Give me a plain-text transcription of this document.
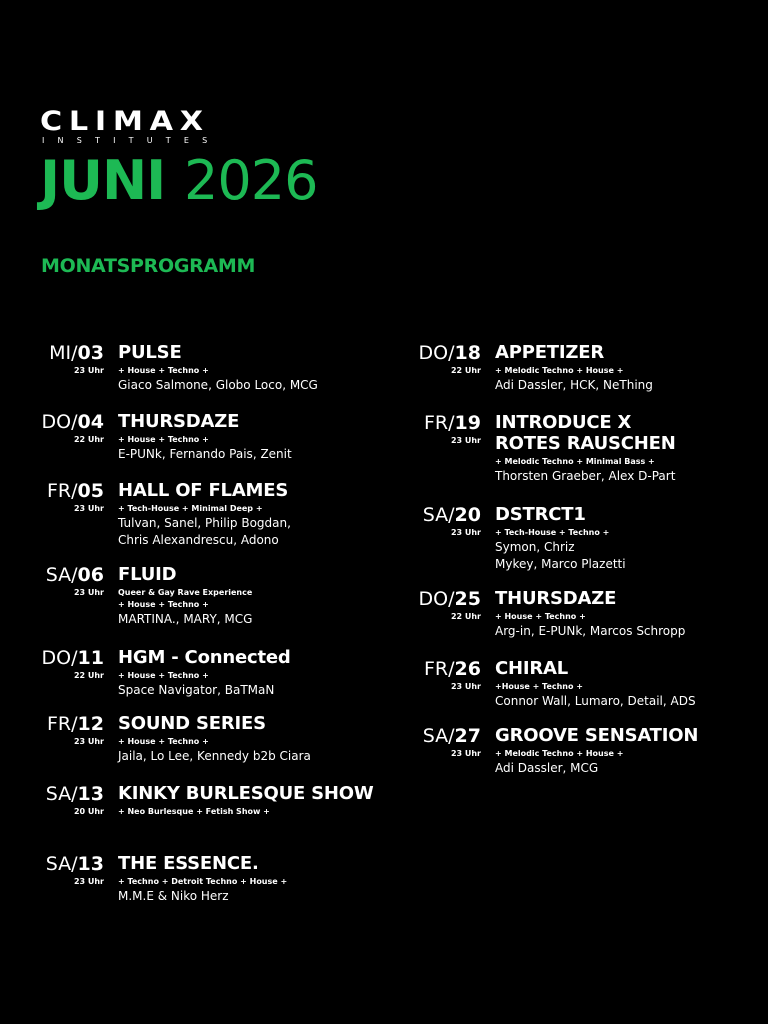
CLIMAX
INSTITUTES
JUNI 2026
MONATSPROGRAMM
MI/03
23 Uhr
PULSE
+ House + Techno +
Giaco Salmone, Globo Loco, MCG
DO/04
22 Uhr
THURSDAZE
+ House + Techno +
E-PUNk, Fernando Pais, Zenit
FR/05
23 Uhr
HALL OF FLAMES
+ Tech-House + Minimal Deep +
Tulvan, Sanel, Philip Bogdan,
Chris Alexandrescu, Adono
SA/06
23 Uhr
FLUID
Queer & Gay Rave Experience
+ House + Techno +
MARTINA., MARY, MCG
DO/11
22 Uhr
HGM - Connected
+ House + Techno +
Space Navigator, BaTMaN
FR/12
23 Uhr
SOUND SERIES
+ House + Techno +
Jaila, Lo Lee, Kennedy b2b Ciara
SA/13
20 Uhr
KINKY BURLESQUE SHOW
+ Neo Burlesque + Fetish Show +
SA/13
23 Uhr
THE ESSENCE.
+ Techno + Detroit Techno + House +
M.M.E & Niko Herz
DO/18
22 Uhr
APPETIZER
+ Melodic Techno + House +
Adi Dassler, HCK, NeThing
FR/19
23 Uhr
INTRODUCE X
ROTES RAUSCHEN
+ Melodic Techno + Minimal Bass +
Thorsten Graeber, Alex D-Part
SA/20
23 Uhr
DSTRCT1
+ Tech-House + Techno +
Symon, Chriz
Mykey, Marco Plazetti
DO/25
22 Uhr
THURSDAZE
+ House + Techno +
Arg-in, E-PUNk, Marcos Schropp
FR/26
23 Uhr
CHIRAL
+House + Techno +
Connor Wall, Lumaro, Detail, ADS
SA/27
23 Uhr
GROOVE SENSATION
+ Melodic Techno + House +
Adi Dassler, MCG
